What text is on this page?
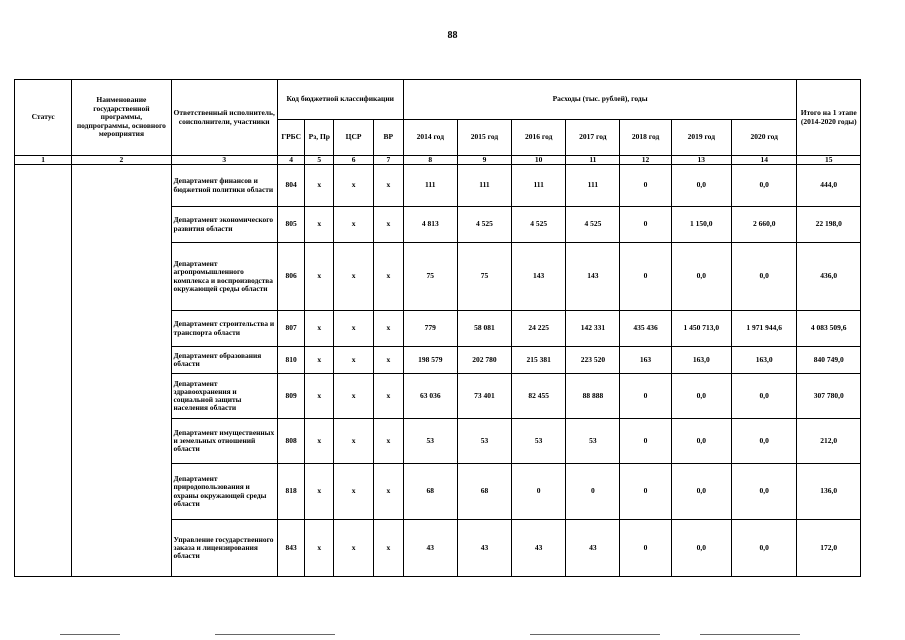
88
Статус	Наименование государственной программы, подпрограммы, основного мероприятия	Ответственный исполнитель, соисполнители, участники	Код бюджетной классификации				Расходы (тыс. рублей), годы							Итого на 1 этапе (2014-2020 годы)
			ГРБС	Рз, Пр	ЦСР	ВР	2014 год	2015 год	2016 год	2017 год	2018 год	2019 год	2020 год	
1	2	3	4	5	6	7	8	9	10	11	12	13	14	15
		Департамент финансов и бюджетной политики области	804	х	х	х	111	111	111	111	0	0,0	0,0	444,0
		Департамент экономического развития области	805	х	х	х	4 813	4 525	4 525	4 525	0	1 150,0	2 660,0	22 198,0
		Департамент агропромышленного комплекса и воспроизводства окружающей среды области	806	х	х	х	75	75	143	143	0	0,0	0,0	436,0
		Департамент строительства и транспорта области	807	х	х	х	779	58 081	24 225	142 331	435 436	1 450 713,0	1 971 944,6	4 083 509,6
		Департамент образования области	810	х	х	х	198 579	202 780	215 381	223 520	163	163,0	163,0	840 749,0
		Департамент здравоохранения и социальной защиты населения области	809	х	х	х	63 036	73 401	82 455	88 888	0	0,0	0,0	307 780,0
		Департамент имущественных и земельных отношений области	808	х	х	х	53	53	53	53	0	0,0	0,0	212,0
		Департамент природопользования и охраны окружающей среды области	818	х	х	х	68	68	0	0	0	0,0	0,0	136,0
		Управление государственного заказа и лицензирования области	843	х	х	х	43	43	43	43	0	0,0	0,0	172,0
